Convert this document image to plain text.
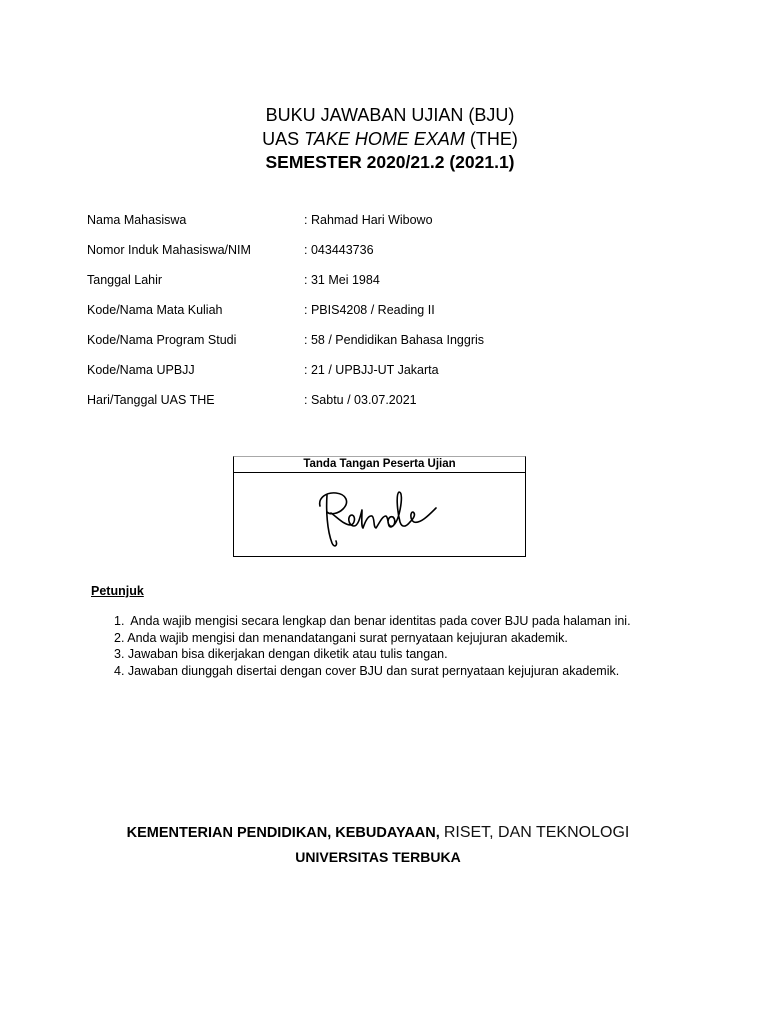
BUKU JAWABAN UJIAN (BJU)
UAS TAKE HOME EXAM (THE)
SEMESTER 2020/21.2 (2021.1)
Nama Mahasiswa	: Rahmad Hari Wibowo
Nomor Induk Mahasiswa/NIM	: 043443736
Tanggal Lahir	: 31 Mei 1984
Kode/Nama Mata Kuliah	: PBIS4208 / Reading II
Kode/Nama Program Studi	: 58 / Pendidikan Bahasa Inggris
Kode/Nama UPBJJ	: 21 / UPBJJ-UT Jakarta
Hari/Tanggal UAS THE	: Sabtu / 03.07.2021
Tanda Tangan Peserta Ujian
Petunjuk
1. Anda wajib mengisi secara lengkap dan benar identitas pada cover BJU pada halaman ini.
2. Anda wajib mengisi dan menandatangani surat pernyataan kejujuran akademik.
3. Jawaban bisa dikerjakan dengan diketik atau tulis tangan.
4. Jawaban diunggah disertai dengan cover BJU dan surat pernyataan kejujuran akademik.
KEMENTERIAN PENDIDIKAN, KEBUDAYAAN, RISET, DAN TEKNOLOGI
UNIVERSITAS TERBUKA
